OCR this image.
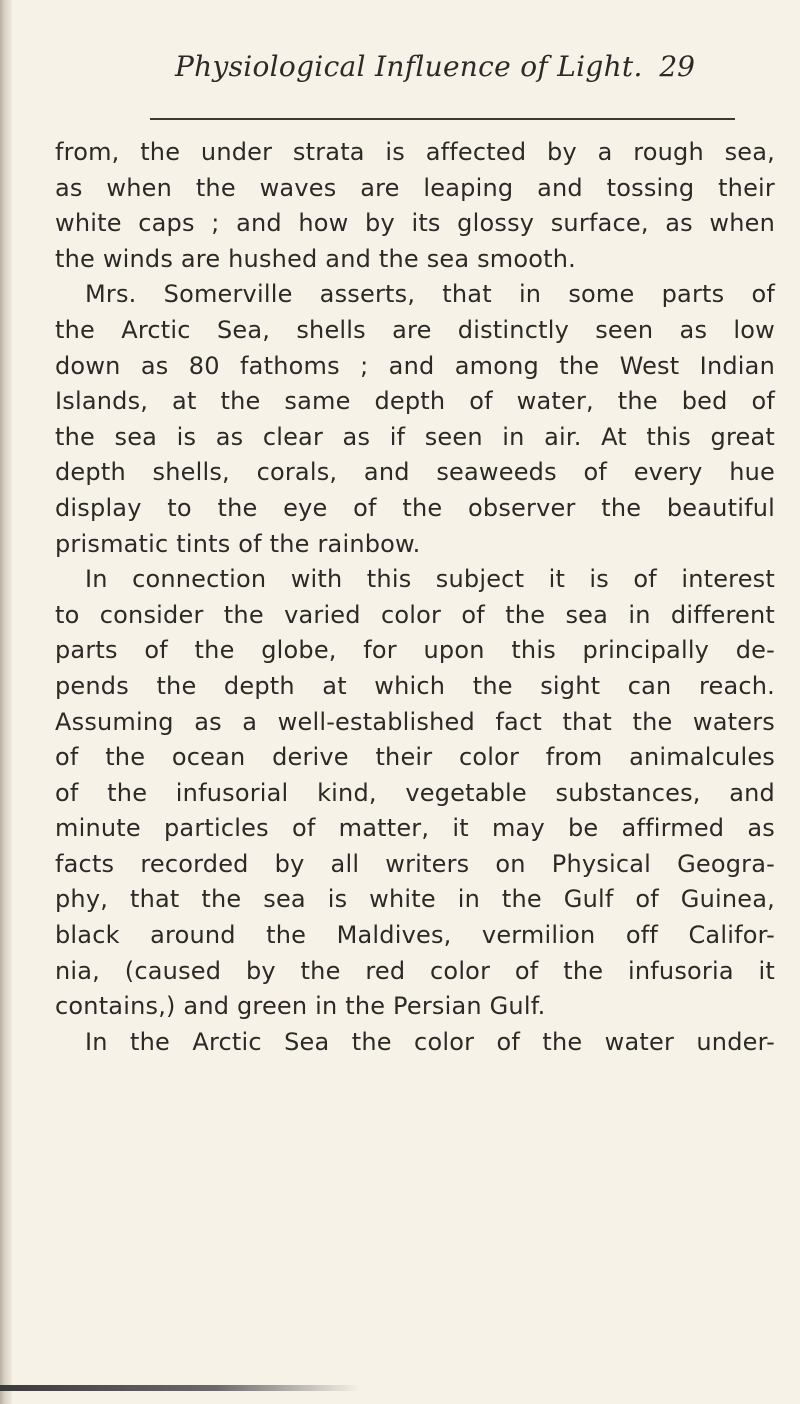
Physiological Influence of Light. 29
from, the under strata is affected by a rough sea,
as when the waves are leaping and tossing their
white caps ; and how by its glossy surface, as when
the winds are hushed and the sea smooth.
Mrs. Somerville asserts, that in some parts of
the Arctic Sea, shells are distinctly seen as low
down as 80 fathoms ; and among the West Indian
Islands, at the same depth of water, the bed of
the sea is as clear as if seen in air. At this great
depth shells, corals, and seaweeds of every hue
display to the eye of the observer the beautiful
prismatic tints of the rainbow.
In connection with this subject it is of interest
to consider the varied color of the sea in different
parts of the globe, for upon this principally de-
pends the depth at which the sight can reach.
Assuming as a well-established fact that the waters
of the ocean derive their color from animalcules
of the infusorial kind, vegetable substances, and
minute particles of matter, it may be affirmed as
facts recorded by all writers on Physical Geogra-
phy, that the sea is white in the Gulf of Guinea,
black around the Maldives, vermilion off Califor-
nia, (caused by the red color of the infusoria it
contains,) and green in the Persian Gulf.
In the Arctic Sea the color of the water under-
